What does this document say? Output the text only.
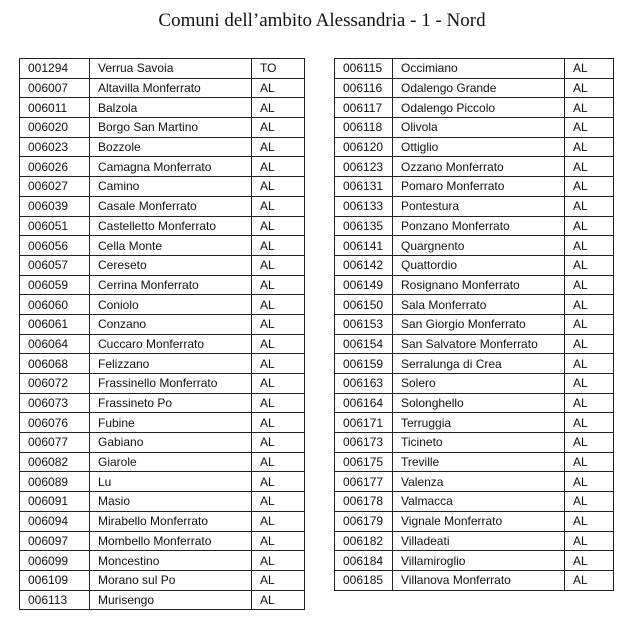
Comuni dell’ambito Alessandria - 1 - Nord
001294	Verrua Savoia	TO
006007	Altavilla Monferrato	AL
006011	Balzola	AL
006020	Borgo San Martino	AL
006023	Bozzole	AL
006026	Camagna Monferrato	AL
006027	Camino	AL
006039	Casale Monferrato	AL
006051	Castelletto Monferrato	AL
006056	Cella Monte	AL
006057	Cereseto	AL
006059	Cerrina Monferrato	AL
006060	Coniolo	AL
006061	Conzano	AL
006064	Cuccaro Monferrato	AL
006068	Felizzano	AL
006072	Frassinello Monferrato	AL
006073	Frassineto Po	AL
006076	Fubine	AL
006077	Gabiano	AL
006082	Giarole	AL
006089	Lu	AL
006091	Masio	AL
006094	Mirabello Monferrato	AL
006097	Mombello Monferrato	AL
006099	Moncestino	AL
006109	Morano sul Po	AL
006113	Murisengo	AL
006115	Occimiano	AL
006116	Odalengo Grande	AL
006117	Odalengo Piccolo	AL
006118	Olivola	AL
006120	Ottiglio	AL
006123	Ozzano Monferrato	AL
006131	Pomaro Monferrato	AL
006133	Pontestura	AL
006135	Ponzano Monferrato	AL
006141	Quargnento	AL
006142	Quattordio	AL
006149	Rosignano Monferrato	AL
006150	Sala Monferrato	AL
006153	San Giorgio Monferrato	AL
006154	San Salvatore Monferrato	AL
006159	Serralunga di Crea	AL
006163	Solero	AL
006164	Solonghello	AL
006171	Terruggia	AL
006173	Ticineto	AL
006175	Treville	AL
006177	Valenza	AL
006178	Valmacca	AL
006179	Vignale Monferrato	AL
006182	Villadeati	AL
006184	Villamiroglio	AL
006185	Villanova Monferrato	AL
